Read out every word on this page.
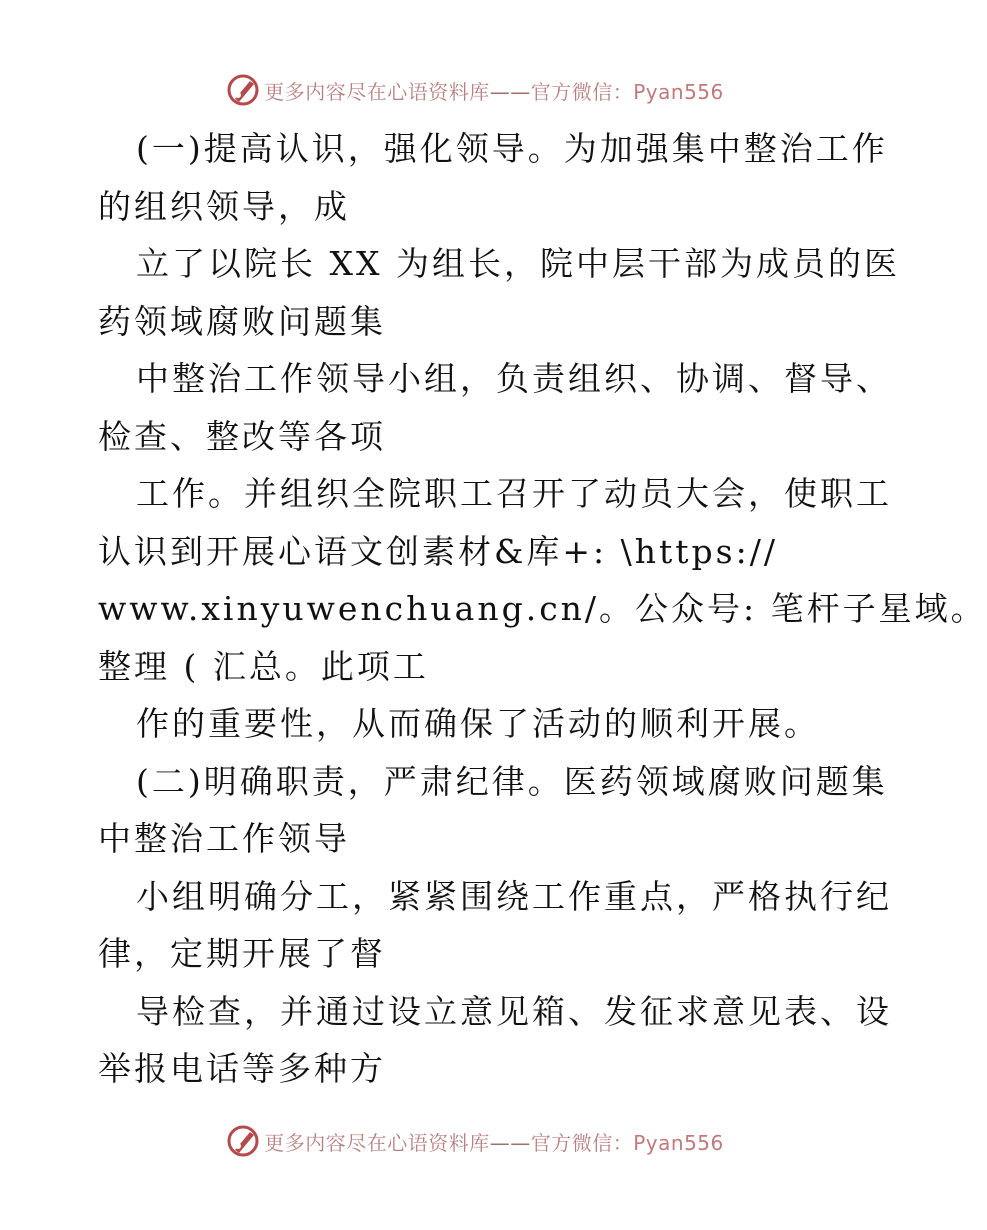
更多内容尽在心语资料库——官方微信：Pyan556
(一)提高认识，强化领导。为加强集中整治工作
的组织领导，成
立了以院长 XX 为组长，院中层干部为成员的医
药领域腐败问题集
中整治工作领导小组，负责组织、协调、督导、
检查、整改等各项
工作。并组织全院职工召开了动员大会，使职工
认识到开展心语文创素材&库+: \https://
www.xinyuwenchuang.cn/。公众号: 笔杆子星域。
整理 ( 汇总。此项工
作的重要性，从而确保了活动的顺利开展。
(二)明确职责，严肃纪律。医药领域腐败问题集
中整治工作领导
小组明确分工，紧紧围绕工作重点，严格执行纪
律，定期开展了督
导检查，并通过设立意见箱、发征求意见表、设
举报电话等多种方
更多内容尽在心语资料库——官方微信：Pyan556
